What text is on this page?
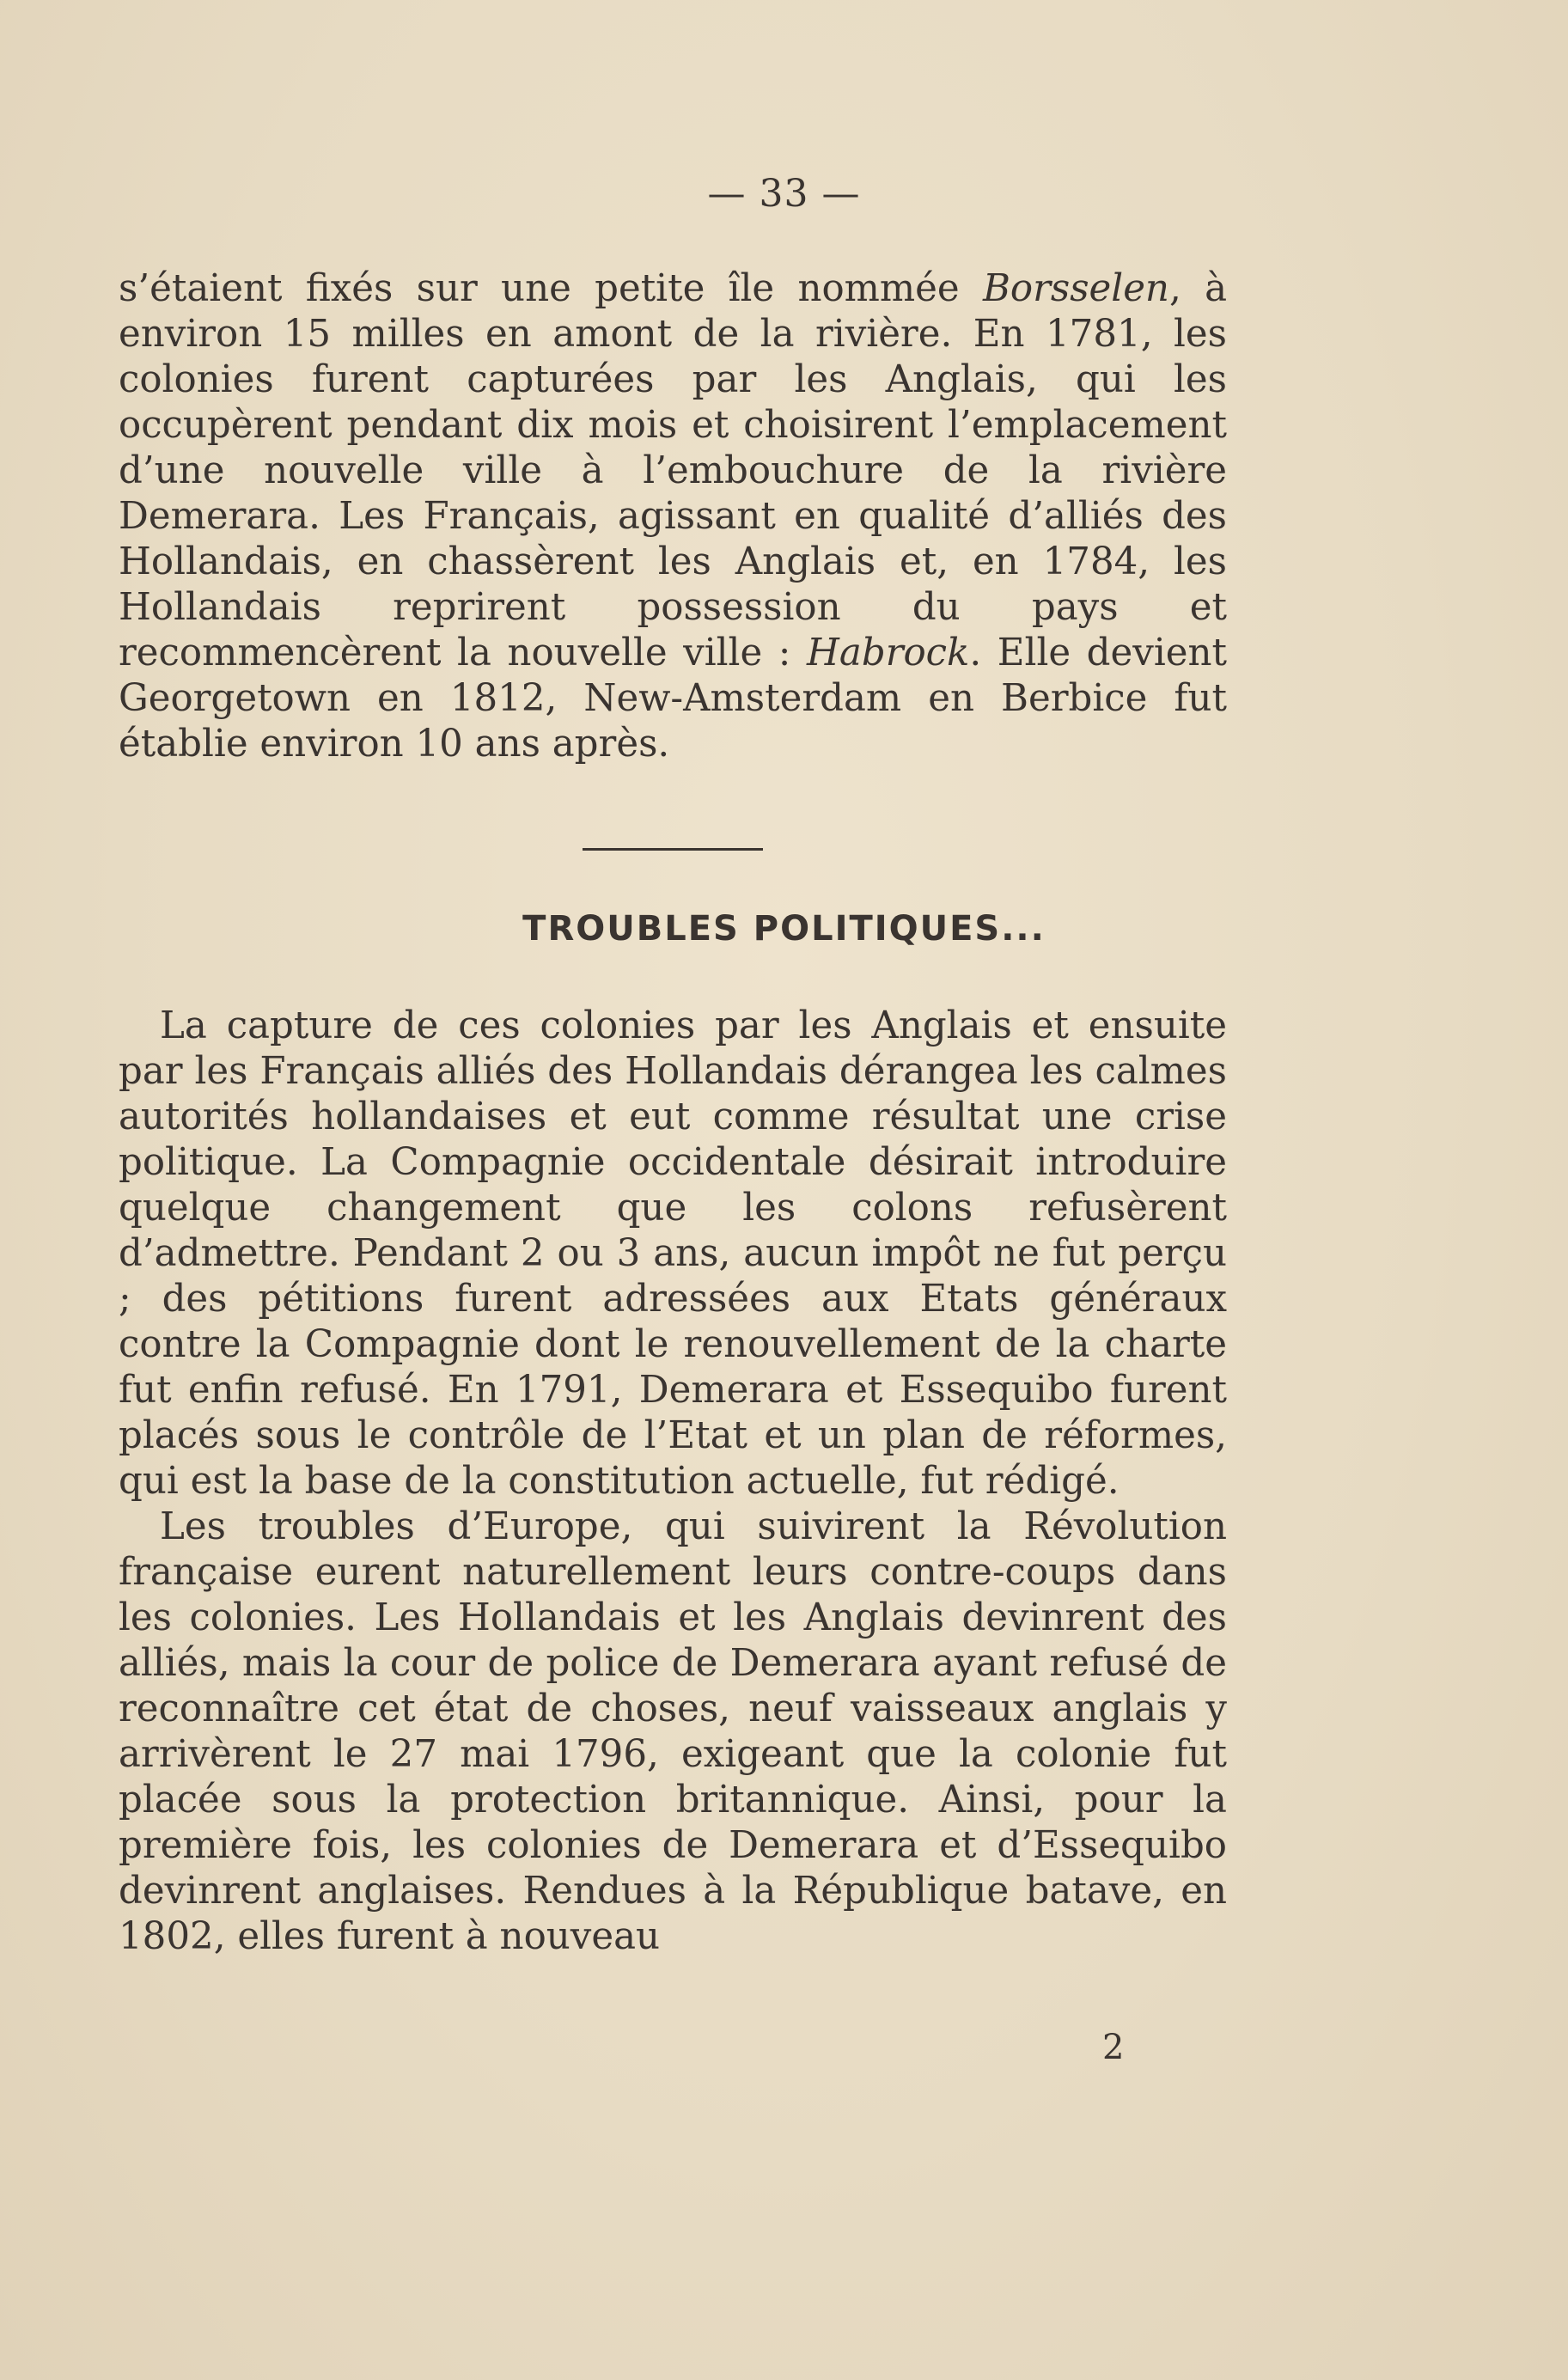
— 33 —

s’étaient fixés sur une petite île nommée Borsselen, à environ 15 milles en amont de la rivière. En 1781, les colonies furent capturées par les Anglais, qui les occupèrent pendant dix mois et choisirent l’emplacement d’une nouvelle ville à l’embouchure de la rivière Demerara. Les Français, agissant en qualité d’alliés des Hollandais, en chassèrent les Anglais et, en 1784, les Hollandais reprirent possession du pays et recommencèrent la nouvelle ville : Habrock. Elle devient Georgetown en 1812, New-Amsterdam en Berbice fut établie environ 10 ans après.

TROUBLES POLITIQUES...

La capture de ces colonies par les Anglais et ensuite par les Français alliés des Hollandais dérangea les calmes autorités hollandaises et eut comme résultat une crise politique. La Compagnie occidentale désirait introduire quelque changement que les colons refusèrent d’admettre. Pendant 2 ou 3 ans, aucun impôt ne fut perçu ; des pétitions furent adressées aux Etats généraux contre la Compagnie dont le renouvellement de la charte fut enfin refusé. En 1791, Demerara et Essequibo furent placés sous le contrôle de l’Etat et un plan de réformes, qui est la base de la constitution actuelle, fut rédigé.

Les troubles d’Europe, qui suivirent la Révolution française eurent naturellement leurs contre-coups dans les colonies. Les Hollandais et les Anglais devinrent des alliés, mais la cour de police de Demerara ayant refusé de reconnaître cet état de choses, neuf vaisseaux anglais y arrivèrent le 27 mai 1796, exigeant que la colonie fut placée sous la protection britannique. Ainsi, pour la première fois, les colonies de Demerara et d’Essequibo devinrent anglaises. Rendues à la République batave, en 1802, elles furent à nouveau

2
